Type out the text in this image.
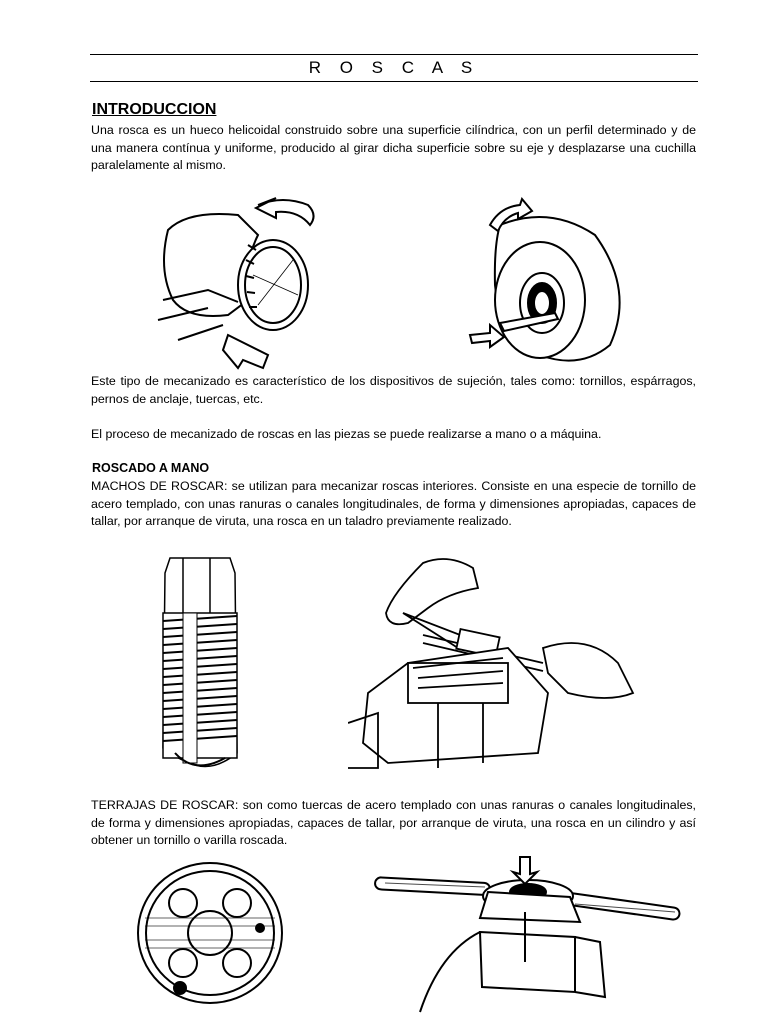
R O S C A S
INTRODUCCION
Una rosca es un hueco helicoidal construido sobre una superficie cilíndrica, con un perfil determinado y de una manera contínua y uniforme, producido al girar dicha superficie sobre su eje y desplazarse una cuchilla paralelamente al mismo.
Este tipo de mecanizado es característico de los dispositivos de sujeción, tales como: tornillos, espárragos, pernos de anclaje, tuercas, etc.
El proceso de mecanizado de roscas en las piezas se puede realizarse a mano o a máquina.
ROSCADO A MANO
MACHOS DE ROSCAR: se utilizan para mecanizar roscas interiores. Consiste en una especie de tornillo de acero templado, con unas ranuras o canales longitudinales, de forma y dimensiones apropiadas, capaces de tallar, por arranque de viruta, una rosca en un taladro previamente realizado.
TERRAJAS DE ROSCAR: son como tuercas de acero templado con unas ranuras o canales longitudinales, de forma y dimensiones apropiadas, capaces de tallar, por arranque de viruta, una rosca en un cilindro y así obtener un tornillo o varilla roscada.
